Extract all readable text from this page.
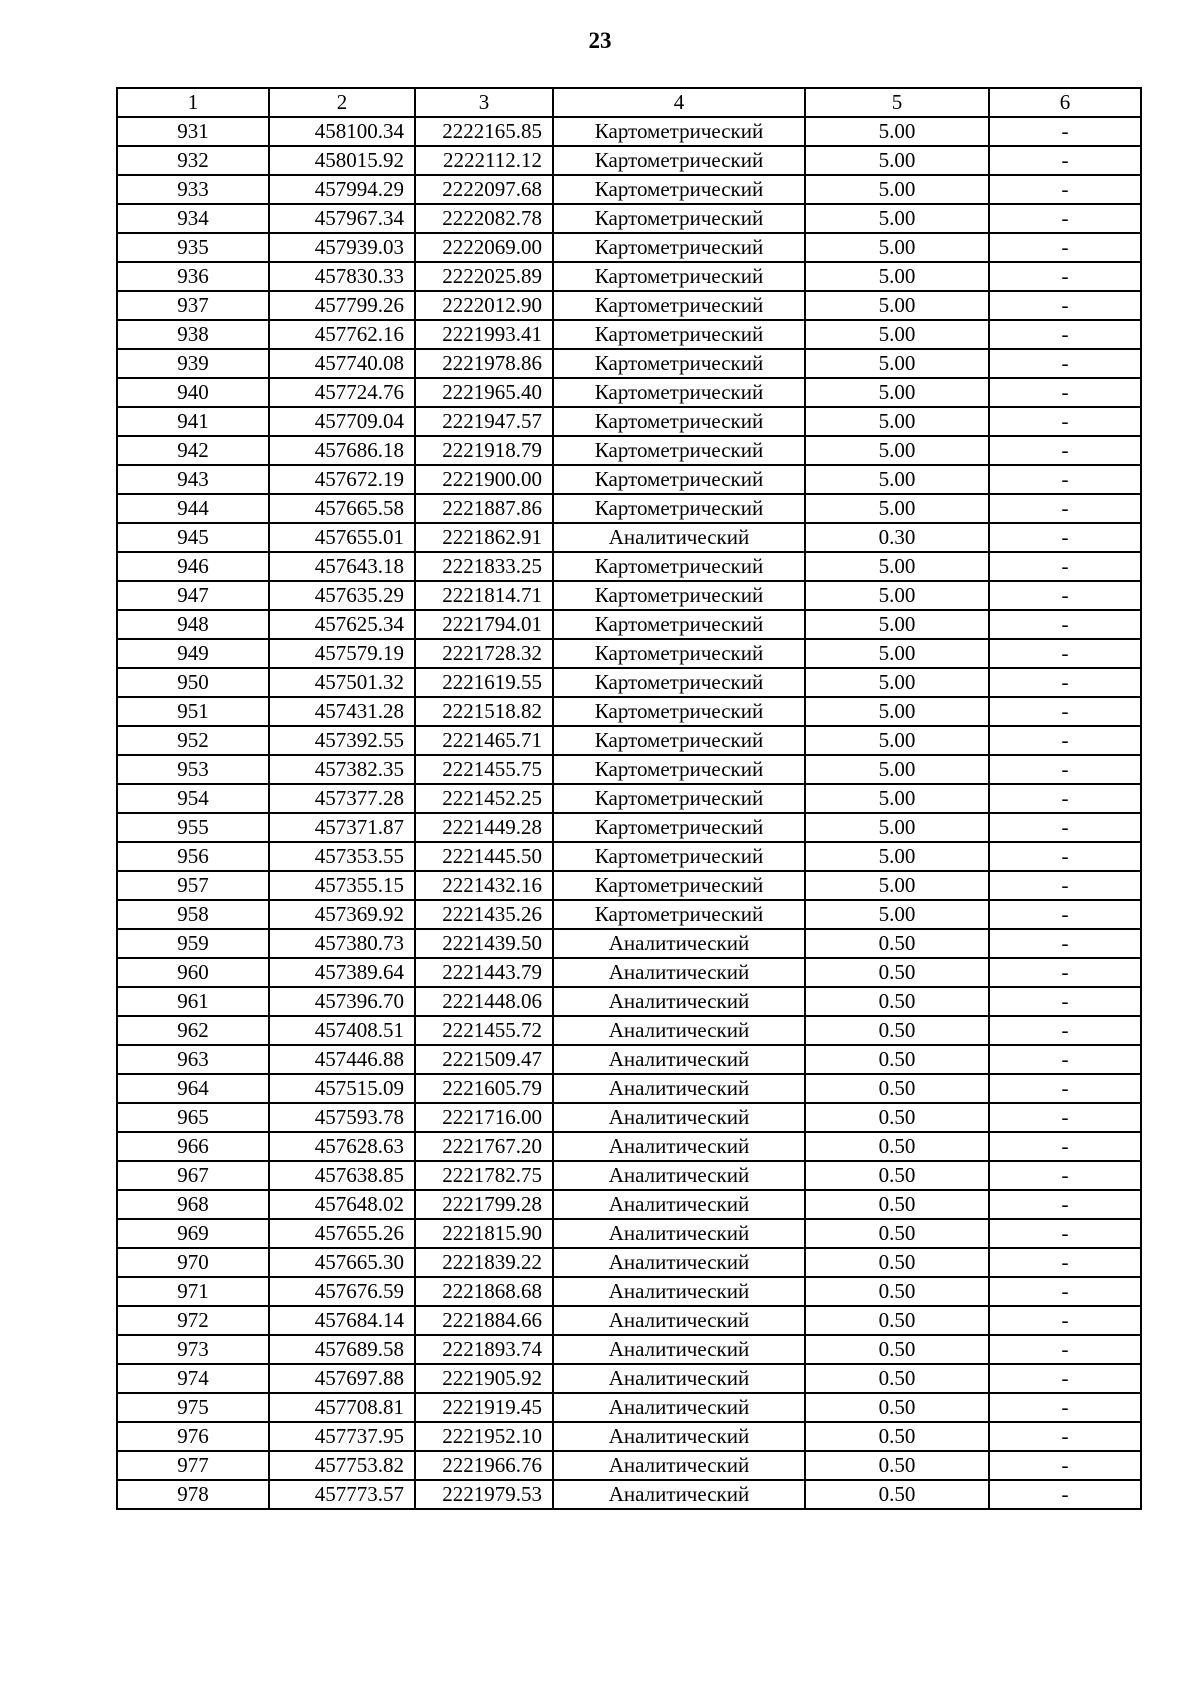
23
1	2	3	4	5	6
931	458100.34	2222165.85	Картометрический	5.00	-
932	458015.92	2222112.12	Картометрический	5.00	-
933	457994.29	2222097.68	Картометрический	5.00	-
934	457967.34	2222082.78	Картометрический	5.00	-
935	457939.03	2222069.00	Картометрический	5.00	-
936	457830.33	2222025.89	Картометрический	5.00	-
937	457799.26	2222012.90	Картометрический	5.00	-
938	457762.16	2221993.41	Картометрический	5.00	-
939	457740.08	2221978.86	Картометрический	5.00	-
940	457724.76	2221965.40	Картометрический	5.00	-
941	457709.04	2221947.57	Картометрический	5.00	-
942	457686.18	2221918.79	Картометрический	5.00	-
943	457672.19	2221900.00	Картометрический	5.00	-
944	457665.58	2221887.86	Картометрический	5.00	-
945	457655.01	2221862.91	Аналитический	0.30	-
946	457643.18	2221833.25	Картометрический	5.00	-
947	457635.29	2221814.71	Картометрический	5.00	-
948	457625.34	2221794.01	Картометрический	5.00	-
949	457579.19	2221728.32	Картометрический	5.00	-
950	457501.32	2221619.55	Картометрический	5.00	-
951	457431.28	2221518.82	Картометрический	5.00	-
952	457392.55	2221465.71	Картометрический	5.00	-
953	457382.35	2221455.75	Картометрический	5.00	-
954	457377.28	2221452.25	Картометрический	5.00	-
955	457371.87	2221449.28	Картометрический	5.00	-
956	457353.55	2221445.50	Картометрический	5.00	-
957	457355.15	2221432.16	Картометрический	5.00	-
958	457369.92	2221435.26	Картометрический	5.00	-
959	457380.73	2221439.50	Аналитический	0.50	-
960	457389.64	2221443.79	Аналитический	0.50	-
961	457396.70	2221448.06	Аналитический	0.50	-
962	457408.51	2221455.72	Аналитический	0.50	-
963	457446.88	2221509.47	Аналитический	0.50	-
964	457515.09	2221605.79	Аналитический	0.50	-
965	457593.78	2221716.00	Аналитический	0.50	-
966	457628.63	2221767.20	Аналитический	0.50	-
967	457638.85	2221782.75	Аналитический	0.50	-
968	457648.02	2221799.28	Аналитический	0.50	-
969	457655.26	2221815.90	Аналитический	0.50	-
970	457665.30	2221839.22	Аналитический	0.50	-
971	457676.59	2221868.68	Аналитический	0.50	-
972	457684.14	2221884.66	Аналитический	0.50	-
973	457689.58	2221893.74	Аналитический	0.50	-
974	457697.88	2221905.92	Аналитический	0.50	-
975	457708.81	2221919.45	Аналитический	0.50	-
976	457737.95	2221952.10	Аналитический	0.50	-
977	457753.82	2221966.76	Аналитический	0.50	-
978	457773.57	2221979.53	Аналитический	0.50	-
